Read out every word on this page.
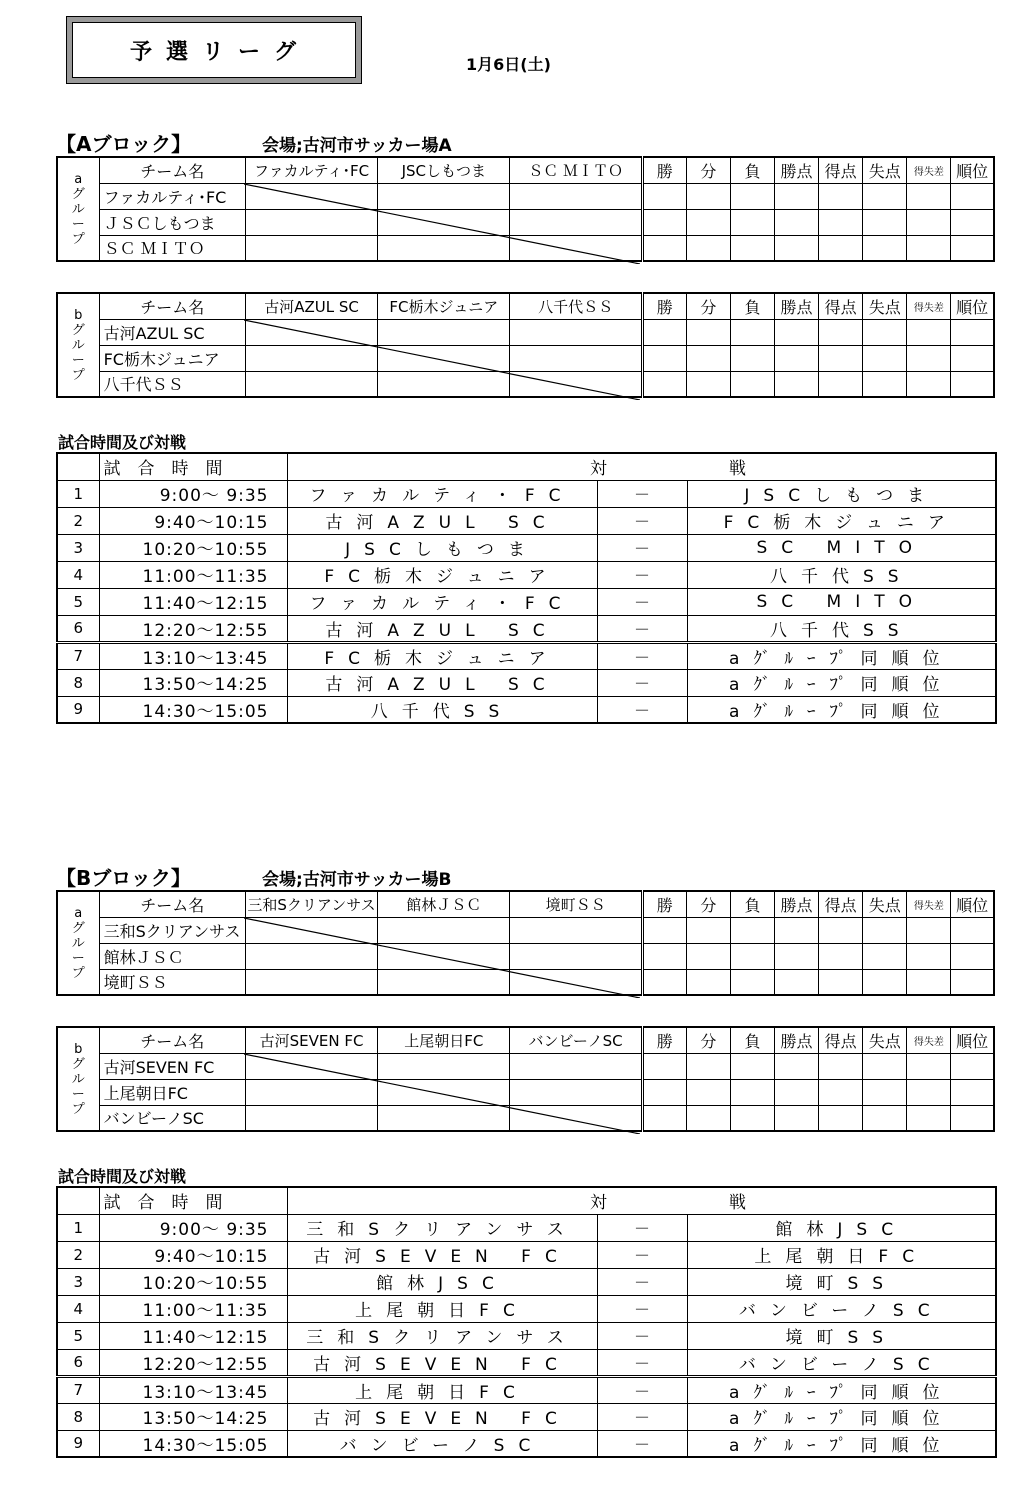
予選リーグ	1月6日(土)
【Aブロック】	会場;古河市サッカー場A
a
グ
ル
ー
プ	チーム名	ファカルティ･FC	JSCしもつま	ＳＣ ＭＩＴＯ	勝	分	負	勝点	得点	失点	得失差	順位
	ファカルティ･FC											
	ＪＳＣしもつま											
	ＳＣ ＭＩＴＯ											
b
グ
ル
ー
プ	チーム名	古河AZUL SC	FC栃木ジュニア	八千代ＳＳ	勝	分	負	勝点	得点	失点	得失差	順位
	古河AZUL SC											
	FC栃木ジュニア											
	八千代ＳＳ											
試合時間及び対戦
	試　合　時　間	対		戦
1	9:00～ 9:35	ファカルティ・FC	－	JSCしもつま
2	9:40～10:15	古河AZUL SC	－	FC栃木ジュニア
3	10:20～10:55	JSCしもつま	－	SC MITO
4	11:00～11:35	FC栃木ジュニア	－	八千代SS
5	11:40～12:15	ファカルティ・FC	－	SC MITO
6	12:20～12:55	古河AZUL SC	－	八千代SS
7	13:10～13:45	FC栃木ジュニア	－	aｸﾞﾙｰﾌﾟ同順位
8	13:50～14:25	古河AZUL SC	－	aｸﾞﾙｰﾌﾟ同順位
9	14:30～15:05	八千代SS	－	aｸﾞﾙｰﾌﾟ同順位
【Bブロック】	会場;古河市サッカー場B
a
グ
ル
ー
プ	チーム名	三和Sクリアンサス	館林ＪＳＣ	境町ＳＳ	勝	分	負	勝点	得点	失点	得失差	順位
	三和Sクリアンサス											
	館林ＪＳＣ											
	境町ＳＳ											
b
グ
ル
ー
プ	チーム名	古河SEVEN FC	上尾朝日FC	バンビーノSC	勝	分	負	勝点	得点	失点	得失差	順位
	古河SEVEN FC											
	上尾朝日FC											
	バンビーノSC											
試合時間及び対戦
	試　合　時　間	対		戦
1	9:00～ 9:35	三和Sクリアンサス	－	館林JSC
2	9:40～10:15	古河SEVEN FC	－	上尾朝日FC
3	10:20～10:55	館林JSC	－	境町SS
4	11:00～11:35	上尾朝日FC	－	バンビーノSC
5	11:40～12:15	三和Sクリアンサス	－	境町SS
6	12:20～12:55	古河SEVEN FC	－	バンビーノSC
7	13:10～13:45	上尾朝日FC	－	aｸﾞﾙｰﾌﾟ同順位
8	13:50～14:25	古河SEVEN FC	－	aｸﾞﾙｰﾌﾟ同順位
9	14:30～15:05	バンビーノSC	－	aｸﾞﾙｰﾌﾟ同順位
